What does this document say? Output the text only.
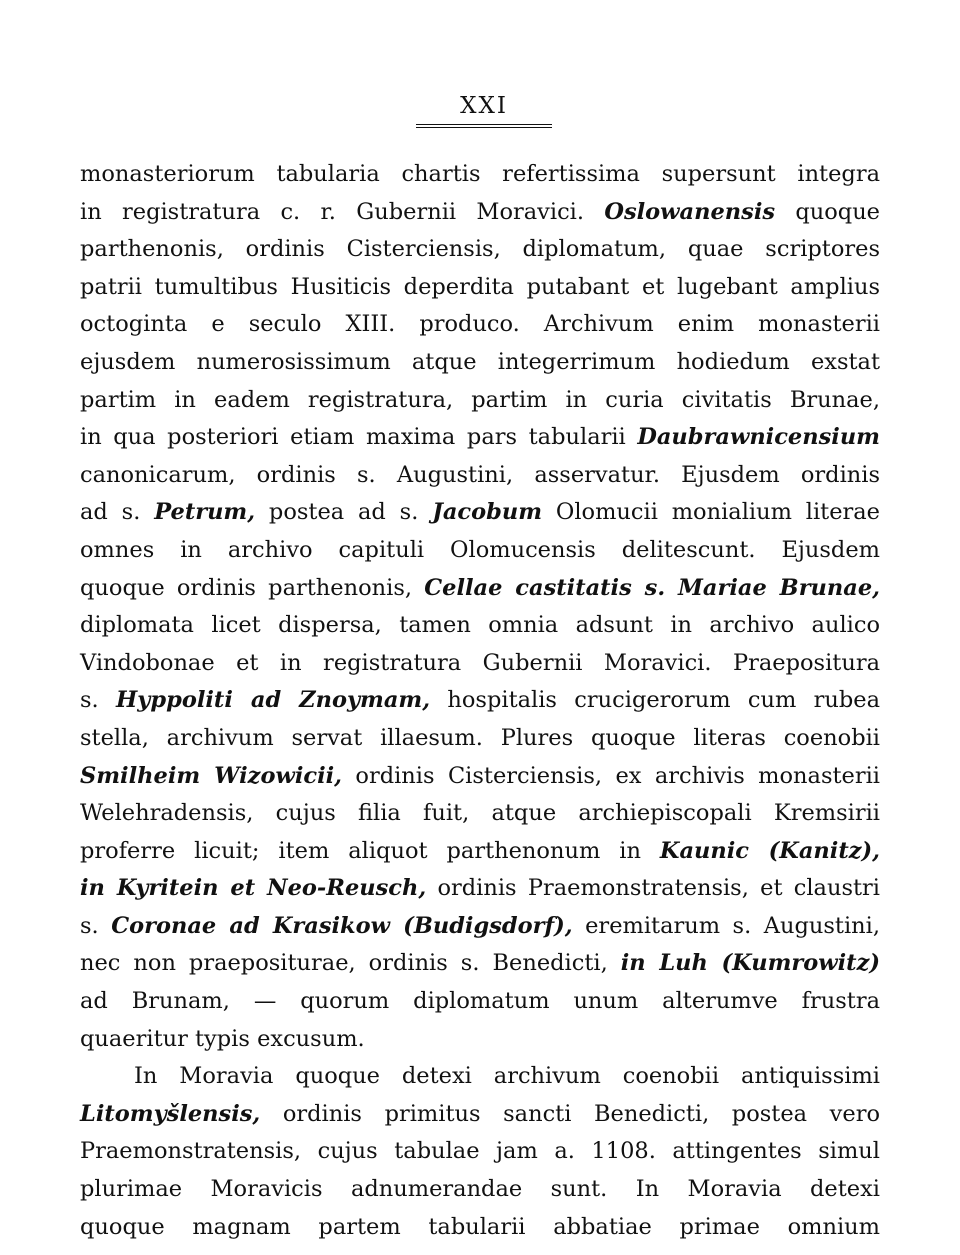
XXI
monasteriorum tabularia chartis refertissima supersunt integra
in registratura c. r. Gubernii Moravici. Oslowanensis quoque
parthenonis, ordinis Cisterciensis, diplomatum, quae scriptores
patrii tumultibus Husiticis deperdita putabant et lugebant amplius
octoginta e seculo XIII. produco. Archivum enim monasterii
ejusdem numerosissimum atque integerrimum hodiedum exstat
partim in eadem registratura, partim in curia civitatis Brunae,
in qua posteriori etiam maxima pars tabularii Daubrawnicensium
canonicarum, ordinis s. Augustini, asservatur. Ejusdem ordinis
ad s. Petrum, postea ad s. Jacobum Olomucii monialium literae
omnes in archivo capituli Olomucensis delitescunt. Ejusdem
quoque ordinis parthenonis, Cellae castitatis s. Mariae Brunae,
diplomata licet dispersa, tamen omnia adsunt in archivo aulico
Vindobonae et in registratura Gubernii Moravici. Praepositura
s. Hyppoliti ad Znoymam, hospitalis crucigerorum cum rubea
stella, archivum servat illaesum. Plures quoque literas coenobii
Smilheim Wizowicii, ordinis Cisterciensis, ex archivis monasterii
Welehradensis, cujus filia fuit, atque archiepiscopali Kremsirii
proferre licuit; item aliquot parthenonum in Kaunic (Kanitz),
in Kyritein et Neo-Reusch, ordinis Praemonstratensis, et claustri
s. Coronae ad Krasikow (Budigsdorf), eremitarum s. Augustini,
nec non praepositurae, ordinis s. Benedicti, in Luh (Kumrowitz)
ad Brunam, — quorum diplomatum unum alterumve frustra
quaeritur typis excusum.
In Moravia quoque detexi archivum coenobii antiquissimi
Litomyšlensis, ordinis primitus sancti Benedicti, postea vero
Praemonstratensis, cujus tabulae jam a. 1108. attingentes simul
plurimae Moravicis adnumerandae sunt. In Moravia detexi
quoque magnam partem tabularii abbatiae primae omnium
